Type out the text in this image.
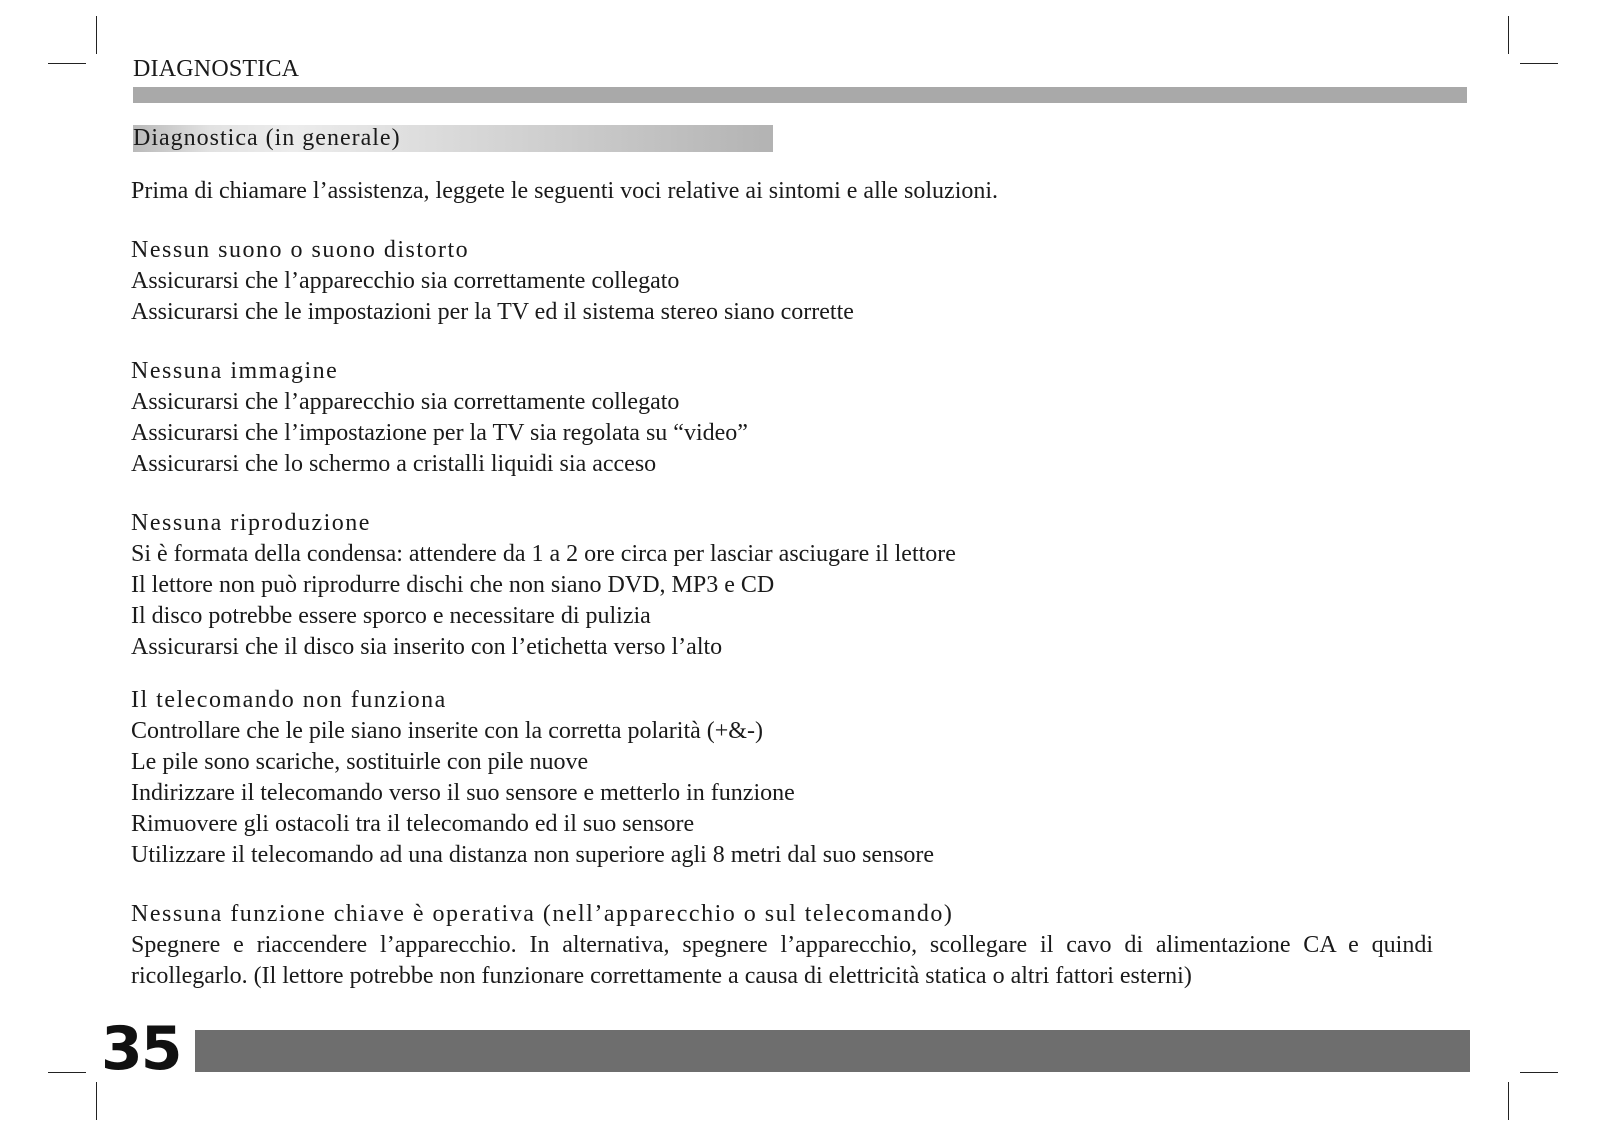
DIAGNOSTICA
Diagnostica (in generale)
Prima di chiamare l’assistenza, leggete le seguenti voci relative ai sintomi e alle soluzioni.
Nessun suono o suono distorto
Assicurarsi che l’apparecchio sia correttamente collegato
Assicurarsi che le impostazioni per la TV ed il sistema stereo siano corrette
Nessuna immagine
Assicurarsi che l’apparecchio sia correttamente collegato
Assicurarsi che l’impostazione per la TV sia regolata su “video”
Assicurarsi che lo schermo a cristalli liquidi sia acceso
Nessuna riproduzione
Si è formata della condensa: attendere da 1 a 2 ore circa per lasciar asciugare il lettore
Il lettore non può riprodurre dischi che non siano DVD, MP3 e CD
Il disco potrebbe essere sporco e necessitare di pulizia
Assicurarsi che il disco sia inserito con l’etichetta verso l’alto
Il telecomando non funziona
Controllare che le pile siano inserite con la corretta polarità (+&-)
Le pile sono scariche, sostituirle con pile nuove
Indirizzare il telecomando verso il suo sensore e metterlo in funzione
Rimuovere gli ostacoli tra il telecomando ed il suo sensore
Utilizzare il telecomando ad una distanza non superiore agli 8 metri dal suo sensore
Nessuna funzione chiave è operativa (nell’apparecchio o sul telecomando)
Spegnere e riaccendere l’apparecchio. In alternativa, spegnere l’apparecchio, scollegare il cavo di alimentazione CA e quindi ricollegarlo. (Il lettore potrebbe non funzionare correttamente a causa di elettricità statica o altri fattori esterni)
35
